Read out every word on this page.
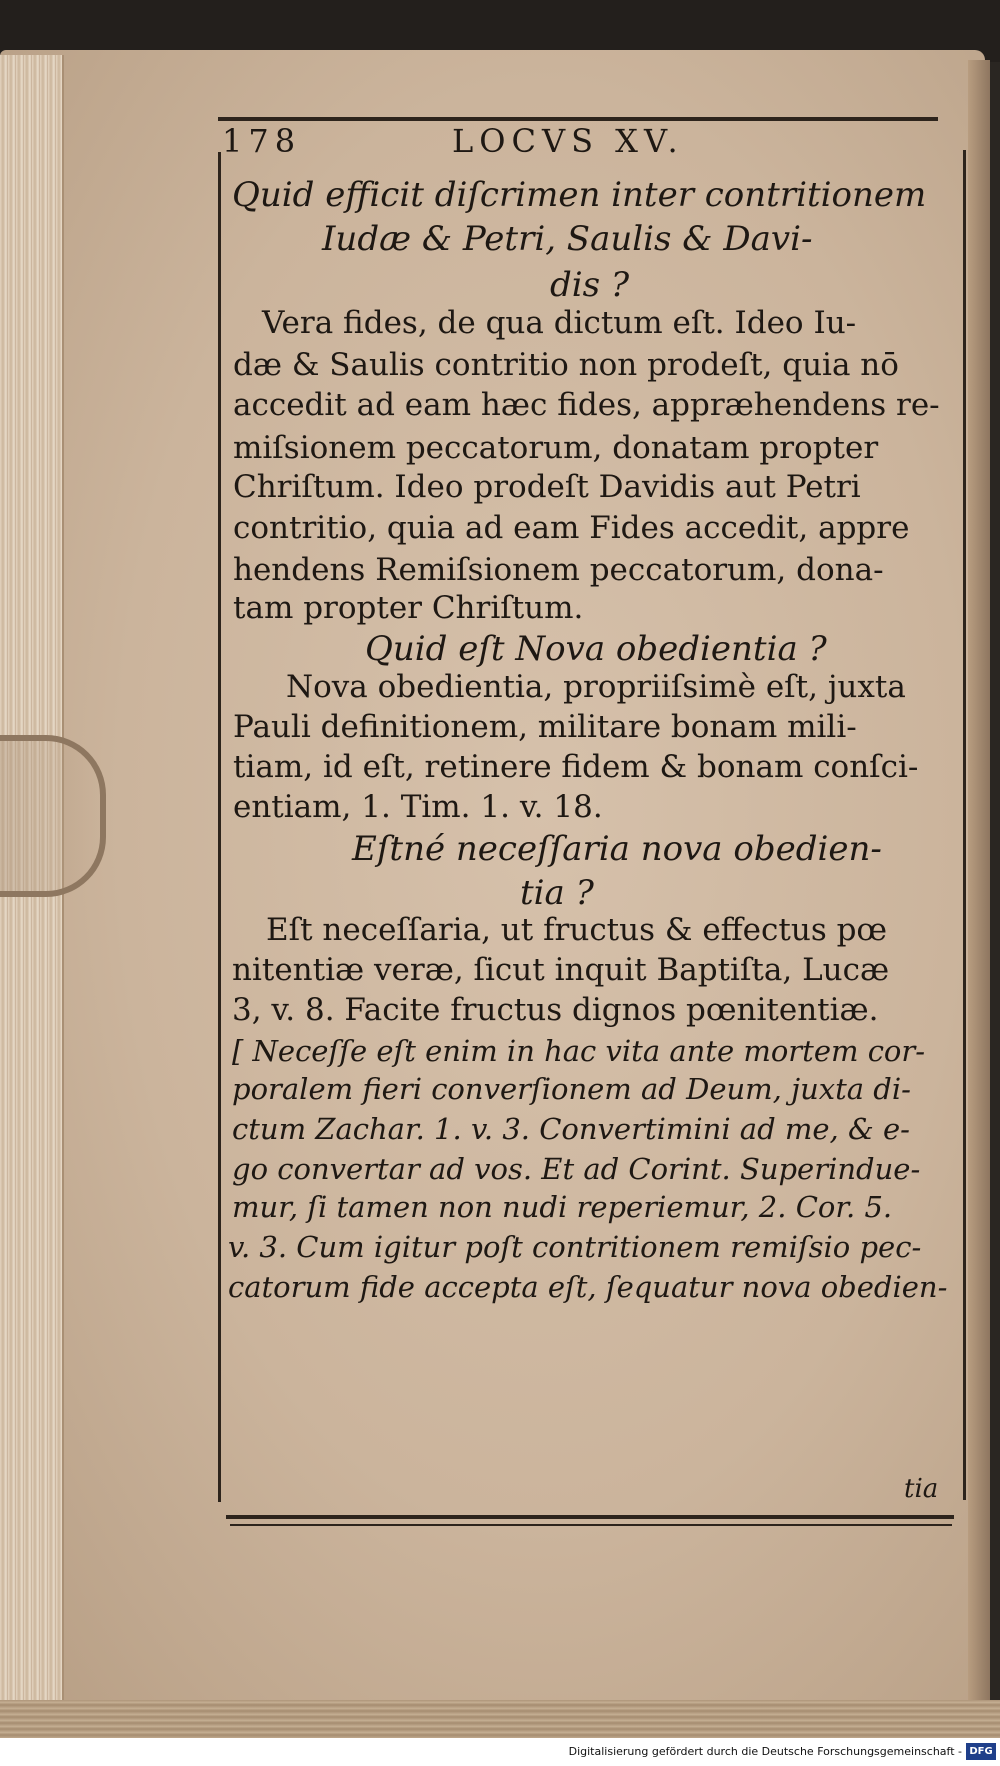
178	LOCVS XV.
Quid efficit diſcrimen inter contritionem
Iudæ & Petri, Saulis & Davi-
dis ?
Vera fides, de qua dictum eſt. Ideo Iu-
dæ & Saulis contritio non prodeſt, quia nō
accedit ad eam hæc fides, appræhendens re-
miſsionem peccatorum, donatam propter
Chriſtum. Ideo prodeſt Davidis aut Petri
contritio, quia ad eam Fides accedit, appre
hendens Remiſsionem peccatorum, dona-
tam propter Chriſtum.
Quid eſt Nova obedientia ?
Nova obedientia, propriiſsimè eſt, juxta
Pauli definitionem, militare bonam mili-
tiam, id eſt, retinere fidem & bonam conſci-
entiam, 1. Tim. 1. v. 18.
Eſtné neceſſaria nova obedien-
tia ?
Eſt neceſſaria, ut fructus & effectus pœ
nitentiæ veræ, ſicut inquit Baptiſta, Lucæ
3, v. 8. Facite fructus dignos pœnitentiæ.
[ Neceſſe eſt enim in hac vita ante mortem cor-
poralem fieri converſionem ad Deum, juxta di-
ctum Zachar. 1. v. 3. Convertimini ad me, & e-
go convertar ad vos. Et ad Corint. Superindue-
mur, ſi tamen non nudi reperiemur, 2. Cor. 5.
v. 3. Cum igitur poſt contritionem remiſsio pec-
catorum fide accepta eſt, ſequatur nova obedien-
tia
Digitalisierung gefördert durch die Deutsche Forschungsgemeinschaft - DFG
